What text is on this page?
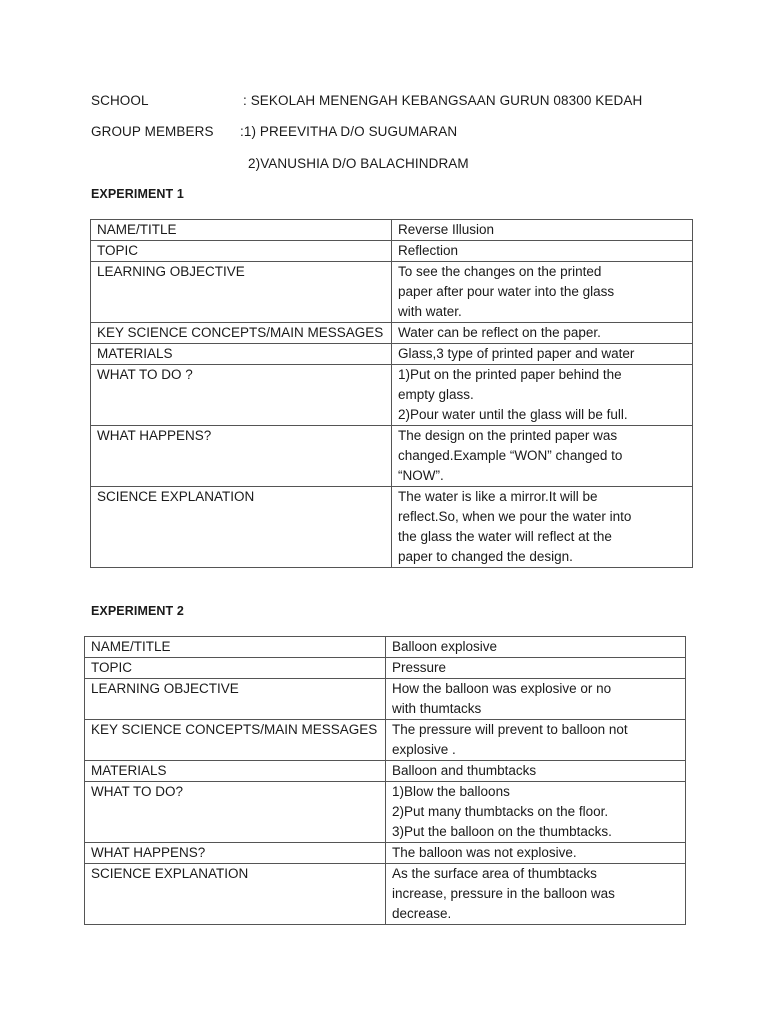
SCHOOL	: SEKOLAH MENENGAH KEBANGSAAN GURUN 08300 KEDAH
GROUP MEMBERS :1) PREEVITHA D/O SUGUMARAN
2)VANUSHIA D/O BALACHINDRAM
EXPERIMENT 1
NAME/TITLE	Reverse Illusion

TOPIC	Reflection

LEARNING OBJECTIVE	To see the changes on the printed
paper after pour water into the glass
with water.

KEY SCIENCE CONCEPTS/MAIN MESSAGES	Water can be reflect on the paper.

MATERIALS	Glass,3 type of printed paper and water

WHAT TO DO ?	1)Put on the printed paper behind the
empty glass.
2)Pour water until the glass will be full.

WHAT HAPPENS?	The design on the printed paper was
changed.Example “WON” changed to
“NOW”.

SCIENCE EXPLANATION	The water is like a mirror.It will be
reflect.So, when we pour the water into
the glass the water will reflect at the
paper to changed the design.
EXPERIMENT 2
NAME/TITLE	Balloon explosive

TOPIC	Pressure

LEARNING OBJECTIVE	How the balloon was explosive or no
with thumtacks

KEY SCIENCE CONCEPTS/MAIN MESSAGES	The pressure will prevent to balloon not
explosive .

MATERIALS	Balloon and thumbtacks

WHAT TO DO?	1)Blow the balloons
2)Put many thumbtacks on the floor.
3)Put the balloon on the thumbtacks.

WHAT HAPPENS?	The balloon was not explosive.

SCIENCE EXPLANATION	As the surface area of thumbtacks
increase, pressure in the balloon was
decrease.
